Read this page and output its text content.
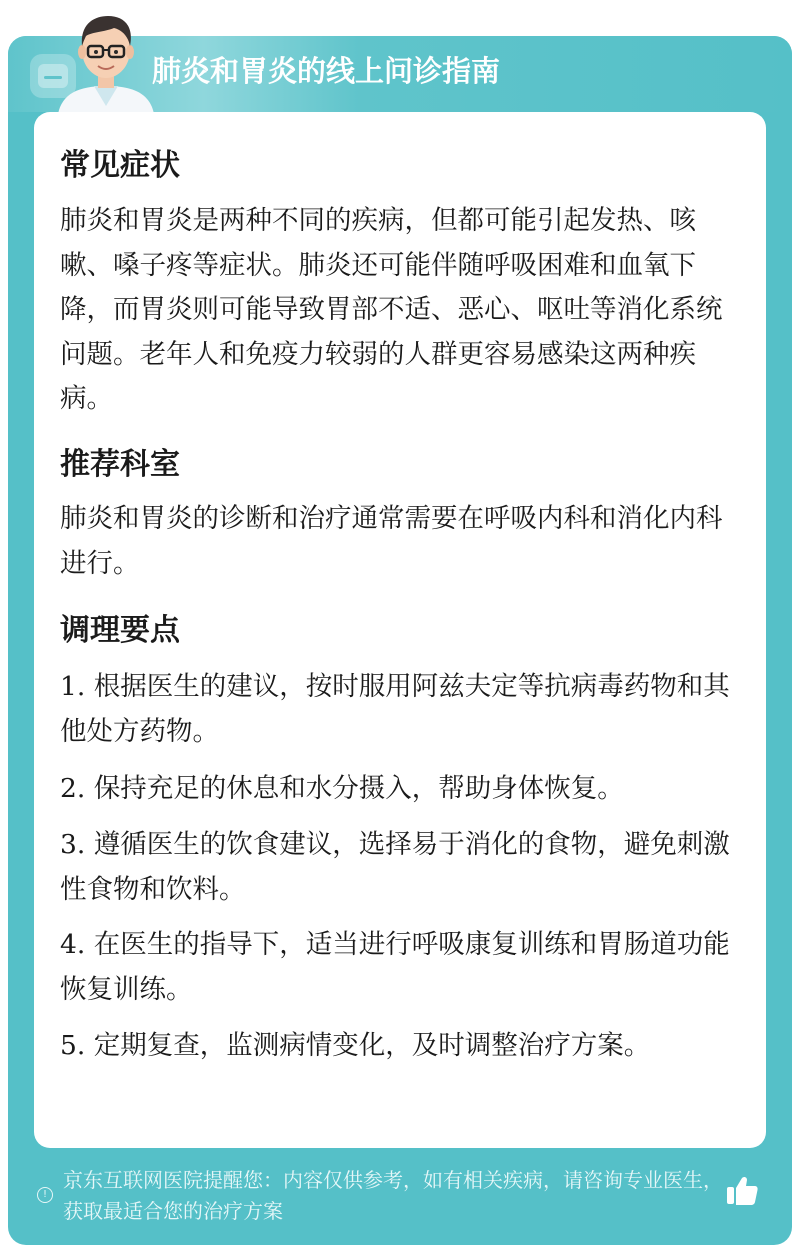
肺炎和胃炎的线上问诊指南
常见症状

肺炎和胃炎是两种不同的疾病，但都可能引起发热、咳嗽、嗓子疼等症状。肺炎还可能伴随呼吸困难和血氧下降，而胃炎则可能导致胃部不适、恶心、呕吐等消化系统问题。老年人和免疫力较弱的人群更容易感染这两种疾病。

推荐科室

肺炎和胃炎的诊断和治疗通常需要在呼吸内科和消化内科进行。

调理要点

1. 根据医生的建议，按时服用阿兹夫定等抗病毒药物和其他处方药物。

2. 保持充足的休息和水分摄入，帮助身体恢复。

3. 遵循医生的饮食建议，选择易于消化的食物，避免刺激性食物和饮料。

4. 在医生的指导下，适当进行呼吸康复训练和胃肠道功能恢复训练。

5. 定期复查，监测病情变化，及时调整治疗方案。

!
京东互联网医院提醒您：内容仅供参考，如有相关疾病，请咨询专业医生，获取最适合您的治疗方案
